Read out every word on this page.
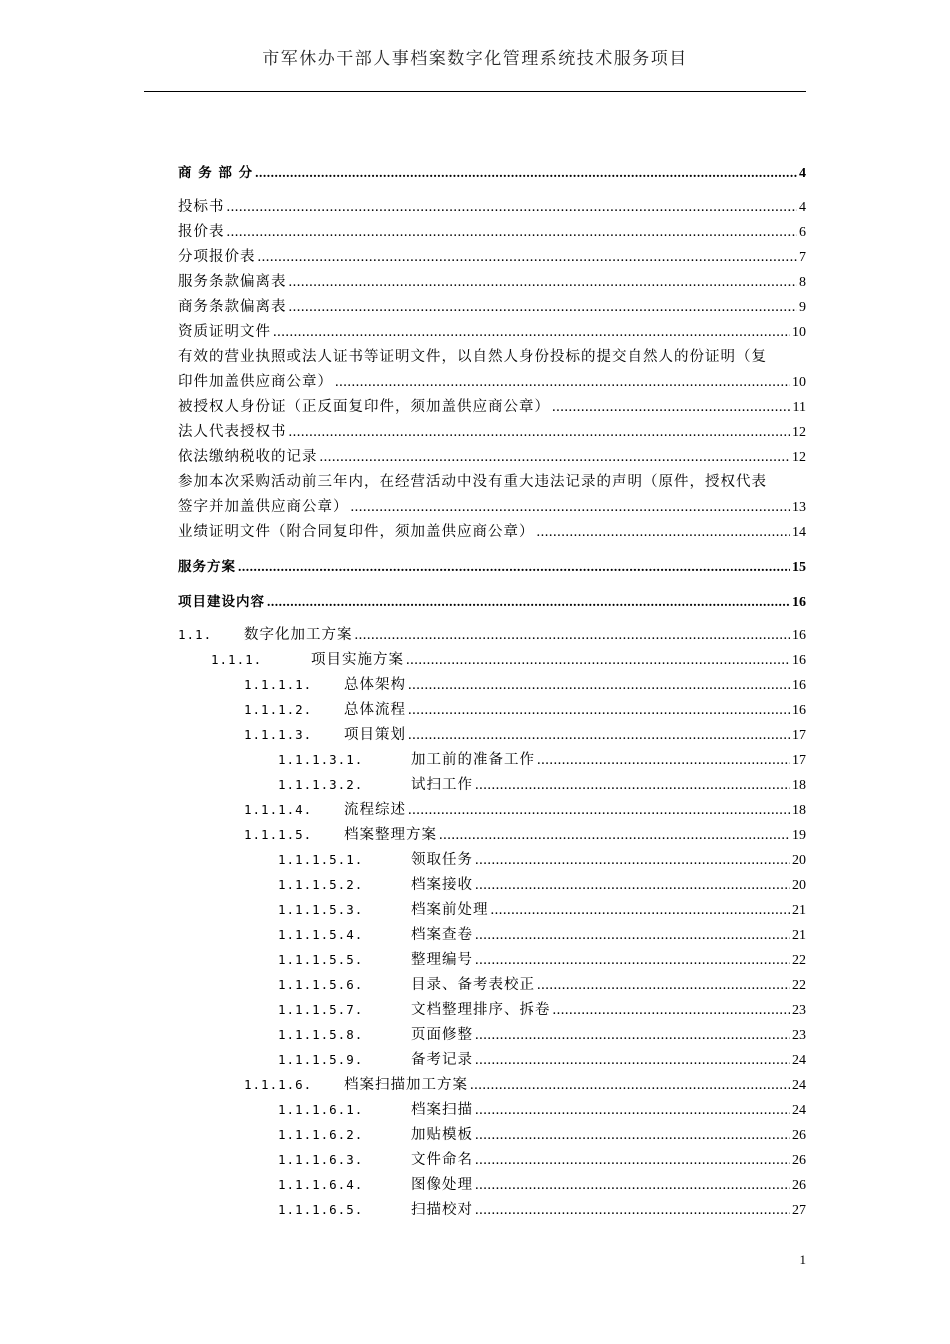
市军休办干部人事档案数字化管理系统技术服务项目
商 务 部 分 .....	4
投标书 .....	4
报价表 .....	6
分项报价表 .....	7
服务条款偏离表 .....	8
商务条款偏离表 .....	9
资质证明文件 .....	10
有效的营业执照或法人证书等证明文件，以自然人身份投标的提交自然人的份证明（复
印件加盖供应商公章） .....	10
被授权人身份证（正反面复印件，须加盖供应商公章） .....	11
法人代表授权书 .....	12
依法缴纳税收的记录 .....	12
参加本次采购活动前三年内，在经营活动中没有重大违法记录的声明（原件，授权代表
签字并加盖供应商公章） .....	13
业绩证明文件（附合同复印件，须加盖供应商公章） .....	14
服务方案 .....	15
项目建设内容 .....	16
1.1.	数字化加工方案 .....	16
1.1.1.	项目实施方案 .....	16
1.1.1.1.	总体架构 .....	16
1.1.1.2.	总体流程 .....	16
1.1.1.3.	项目策划 .....	17
1.1.1.3.1.	加工前的准备工作 .....	17
1.1.1.3.2.	试扫工作 .....	18
1.1.1.4.	流程综述 .....	18
1.1.1.5.	档案整理方案 .....	19
1.1.1.5.1.	领取任务 .....	20
1.1.1.5.2.	档案接收 .....	20
1.1.1.5.3.	档案前处理 .....	21
1.1.1.5.4.	档案查卷 .....	21
1.1.1.5.5.	整理编号 .....	22
1.1.1.5.6.	目录、备考表校正 .....	22
1.1.1.5.7.	文档整理排序、拆卷 .....	23
1.1.1.5.8.	页面修整 .....	23
1.1.1.5.9.	备考记录 .....	24
1.1.1.6.	档案扫描加工方案 .....	24
1.1.1.6.1.	档案扫描 .....	24
1.1.1.6.2.	加贴模板 .....	26
1.1.1.6.3.	文件命名 .....	26
1.1.1.6.4.	图像处理 .....	26
1.1.1.6.5.	扫描校对 .....	27
1
